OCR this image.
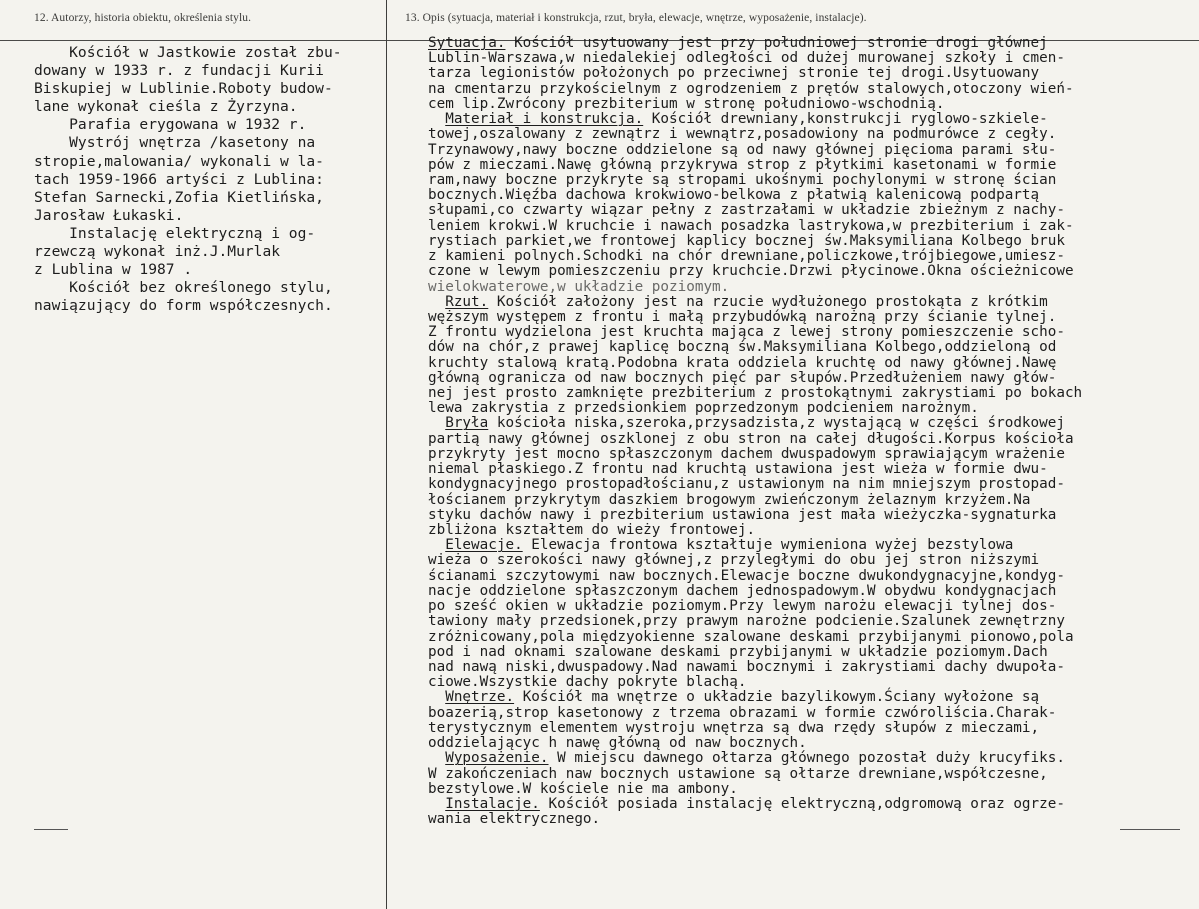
12. Autorzy, historia obiektu, określenia stylu.	13. Opis (sytuacja, materiał i konstrukcja, rzut, bryła, elewacje, wnętrze, wyposażenie, instalacje).
Kościół w Jastkowie został zbu-
dowany w 1933 r. z fundacji Kurii
Biskupiej w Lublinie.Roboty budow-
lane wykonał cieśla z Żyrzyna.
Parafia erygowana w 1932 r.
Wystrój wnętrza /kasetony na
stropie,malowania/ wykonali w la-
tach 1959-1966 artyści z Lublina:
Stefan Sarnecki,Zofia Kietlińska,
Jarosław Łukaski.
Instalację elektryczną i og-
rzewczą wykonał inż.J.Murlak
z Lublina w 1987 .
Kościół bez określonego stylu,
nawiązujący do form współczesnych.
Sytuacja. Kościół usytuowany jest przy południowej stronie drogi głównej
Lublin-Warszawa,w niedalekiej odległości od dużej murowanej szkoły i cmen-
tarza legionistów położonych po przeciwnej stronie tej drogi.Usytuowany
na cmentarzu przykościelnym z ogrodzeniem z prętów stalowych,otoczony wień-
cem lip.Zwrócony prezbiterium w stronę południowo-wschodnią.
Materiał i konstrukcja. Kościół drewniany,konstrukcji ryglowo-szkiele-
towej,oszalowany z zewnątrz i wewnątrz,posadowiony na podmurówce z cegły.
Trzynawowy,nawy boczne oddzielone są od nawy głównej pięcioma parami słu-
pów z mieczami.Nawę główną przykrywa strop z płytkimi kasetonami w formie
ram,nawy boczne przykryte są stropami ukośnymi pochylonymi w stronę ścian
bocznych.Więźba dachowa krokwiowo-belkowa z płatwią kalenicową podpartą
słupami,co czwarty wiązar pełny z zastrzałami w układzie zbieżnym z nachy-
leniem krokwi.W kruchcie i nawach posadzka lastrykowa,w prezbiterium i zak-
rystiach parkiet,we frontowej kaplicy bocznej św.Maksymiliana Kolbego bruk
z kamieni polnych.Schodki na chór drewniane,policzkowe,trójbiegowe,umiesz-
czone w lewym pomieszczeniu przy kruchcie.Drzwi płycinowe.Okna ościeżnicowe
wielokwaterowe,w układzie poziomym.
Rzut. Kościół założony jest na rzucie wydłużonego prostokąta z krótkim
węższym występem z frontu i małą przybudówką narożną przy ścianie tylnej.
Z frontu wydzielona jest kruchta mająca z lewej strony pomieszczenie scho-
dów na chór,z prawej kaplicę boczną św.Maksymiliana Kolbego,oddzieloną od
kruchty stalową kratą.Podobna krata oddziela kruchtę od nawy głównej.Nawę
główną ogranicza od naw bocznych pięć par słupów.Przedłużeniem nawy głów-
nej jest prosto zamknięte prezbiterium z prostokątnymi zakrystiami po bokach
lewa zakrystia z przedsionkiem poprzedzonym podcieniem narożnym.
Bryła kościoła niska,szeroka,przysadzista,z wystającą w części środkowej
partią nawy głównej oszklonej z obu stron na całej długości.Korpus kościoła
przykryty jest mocno spłaszczonym dachem dwuspadowym sprawiającym wrażenie
niemal płaskiego.Z frontu nad kruchtą ustawiona jest wieża w formie dwu-
kondygnacyjnego prostopadłościanu,z ustawionym na nim mniejszym prostopad-
łościanem przykrytym daszkiem brogowym zwieńczonym żelaznym krzyżem.Na
styku dachów nawy i prezbiterium ustawiona jest mała wieżyczka-sygnaturka
zbliżona kształtem do wieży frontowej.
Elewacje. Elewacja frontowa kształtuje wymieniona wyżej bezstylowa
wieża o szerokości nawy głównej,z przyległymi do obu jej stron niższymi
ścianami szczytowymi naw bocznych.Elewacje boczne dwukondygnacyjne,kondyg-
nacje oddzielone spłaszczonym dachem jednospadowym.W obydwu kondygnacjach
po sześć okien w układzie poziomym.Przy lewym narożu elewacji tylnej dos-
tawiony mały przedsionek,przy prawym narożne podcienie.Szalunek zewnętrzny
zróżnicowany,pola międzyokienne szalowane deskami przybijanymi pionowo,pola
pod i nad oknami szalowane deskami przybijanymi w układzie poziomym.Dach
nad nawą niski,dwuspadowy.Nad nawami bocznymi i zakrystiami dachy dwupoła-
ciowe.Wszystkie dachy pokryte blachą.
Wnętrze. Kościół ma wnętrze o układzie bazylikowym.Ściany wyłożone są
boazerią,strop kasetonowy z trzema obrazami w formie czwóroliścia.Charak-
terystycznym elementem wystroju wnętrza są dwa rzędy słupów z mieczami,
oddzielającyc h nawę główną od naw bocznych.
Wyposażenie. W miejscu dawnego ołtarza głównego pozostał duży krucyfiks.
W zakończeniach naw bocznych ustawione są ołtarze drewniane,współczesne,
bezstylowe.W kościele nie ma ambony.
Instalacje. Kościół posiada instalację elektryczną,odgromową oraz ogrze-
wania elektrycznego.
